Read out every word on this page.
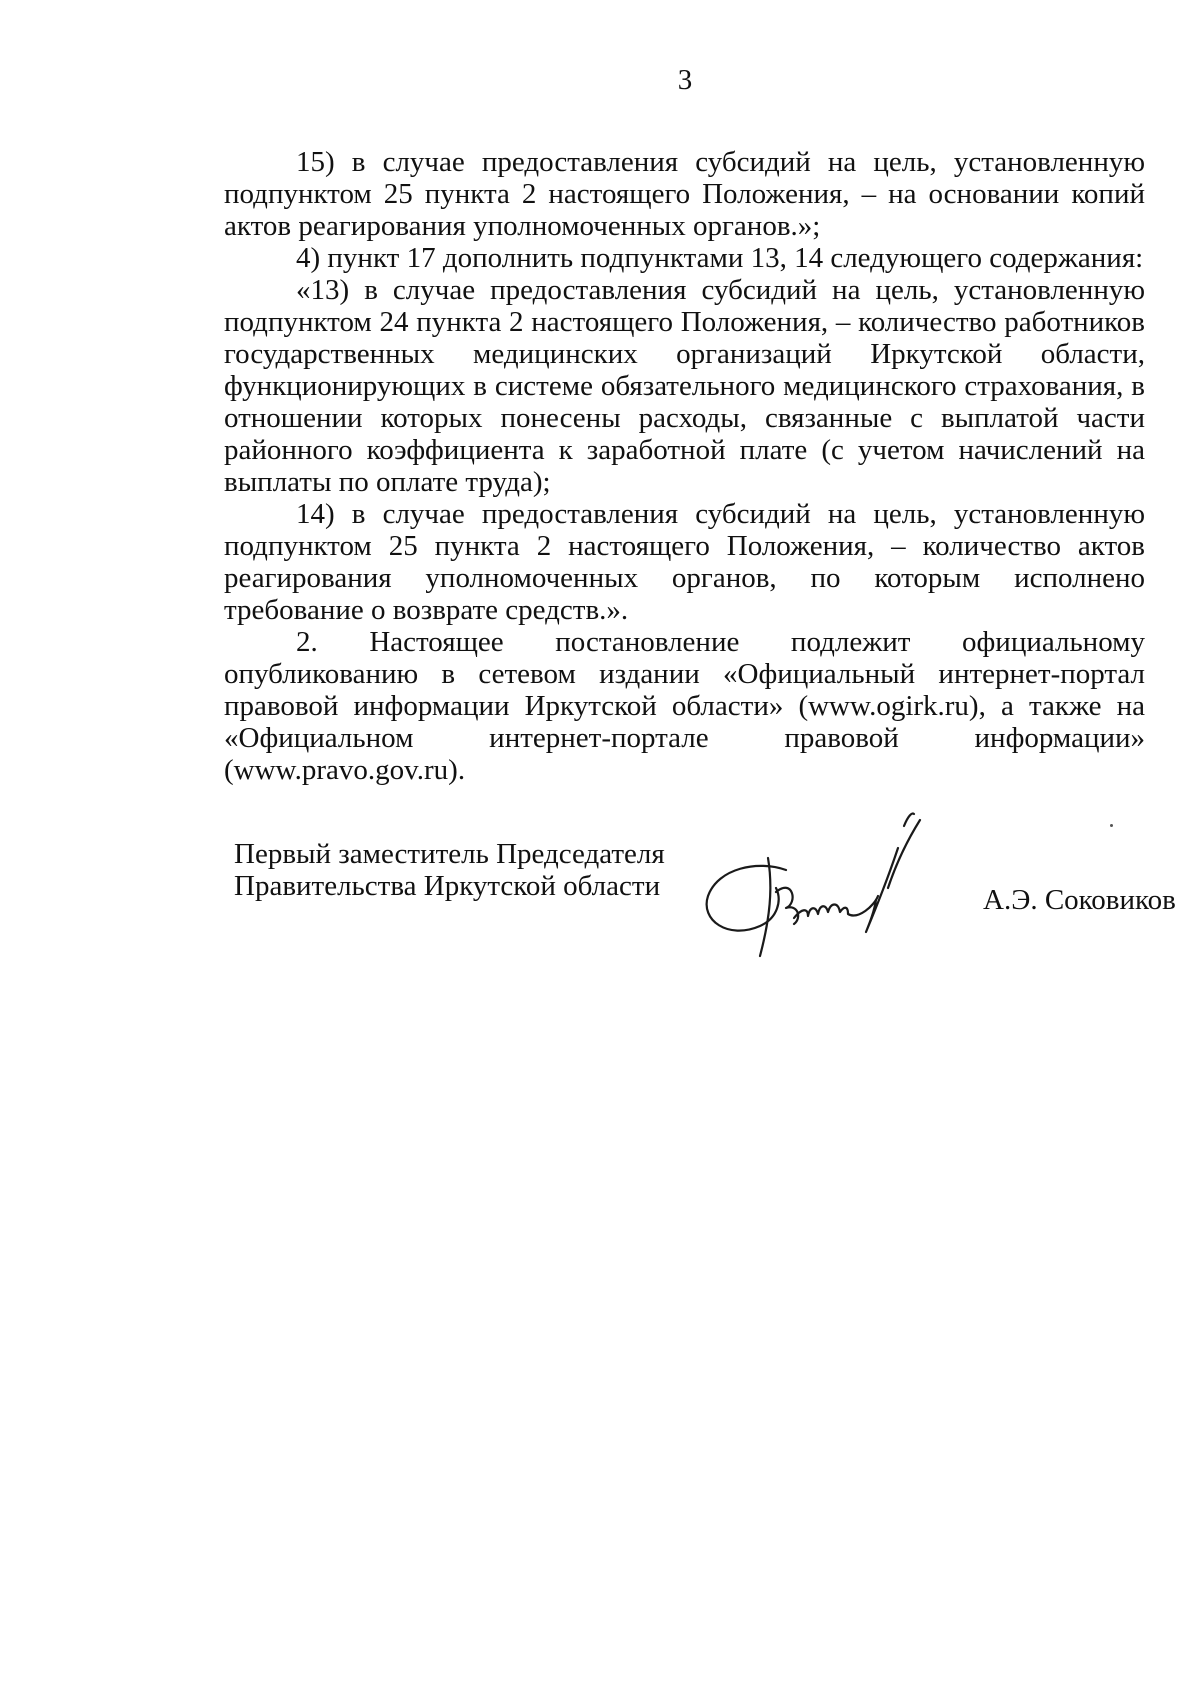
3

15) в случае предоставления субсидий на цель, установленную подпунктом 25 пункта 2 настоящего Положения, – на основании копий актов реагирования уполномоченных органов.»;

4) пункт 17 дополнить подпунктами 13, 14 следующего содержания:

«13) в случае предоставления субсидий на цель, установленную подпунктом 24 пункта 2 настоящего Положения, – количество работников государственных медицинских организаций Иркутской области, функционирующих в системе обязательного медицинского страхования, в отношении которых понесены расходы, связанные с выплатой части районного коэффициента к заработной плате (с учетом начислений на выплаты по оплате труда);

14) в случае предоставления субсидий на цель, установленную подпунктом 25 пункта 2 настоящего Положения, – количество актов реагирования уполномоченных органов, по которым исполнено требование о возврате средств.».

2. Настоящее постановление подлежит официальному опубликованию в сетевом издании «Официальный интернет-портал правовой информации Иркутской области» (www.ogirk.ru), а также на

«Официальном интернет-портале правовой информации»

(www.pravo.gov.ru).

Первый заместитель Председателя
Правительства Иркутской области	А.Э. Соковиков
